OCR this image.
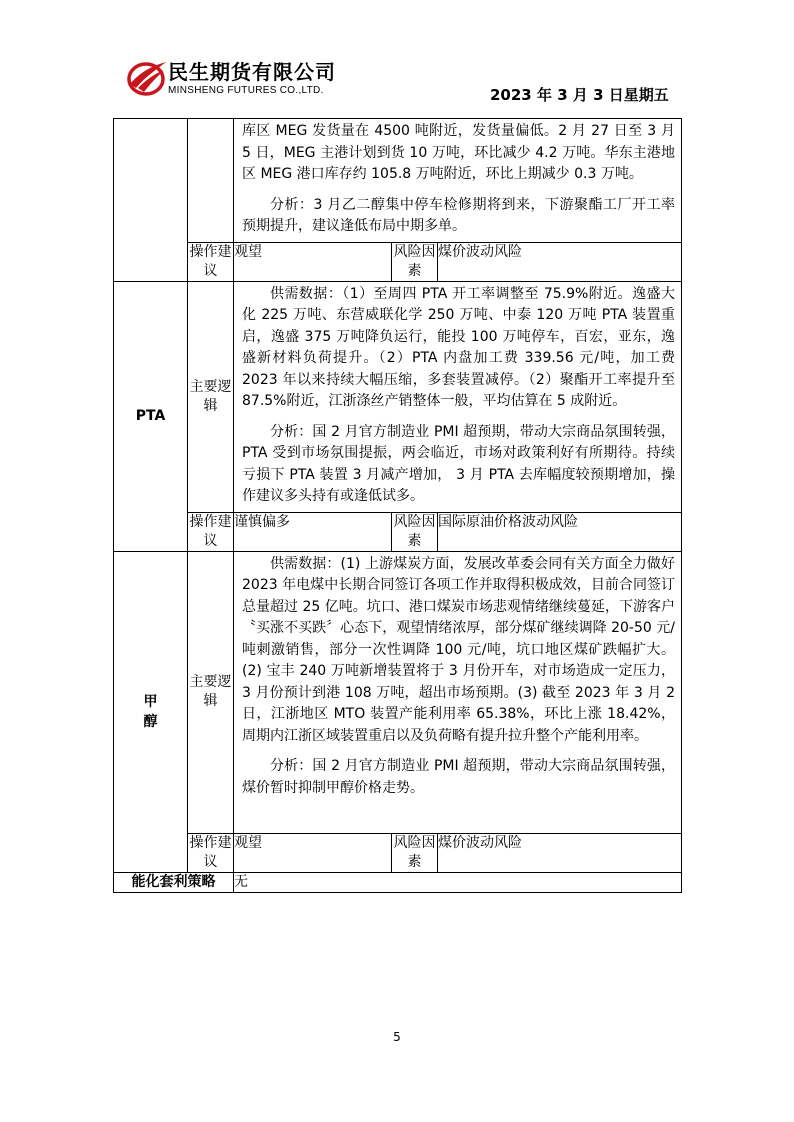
民生期货有限公司
MINSHENG FUTURES CO.,LTD.	2023 年 3 月 3 日星期五

		库区 MEG 发货量在 4500 吨附近，发货量偏低。2 月 27 日至 3 月 5 日，MEG 主港计划到货 10 万吨，环比减少 4.2 万吨。华东主港地区 MEG 港口库存约 105.8 万吨附近，环比上期减少 0.3 万吨。

分析：3 月乙二醇集中停车检修期将到来，下游聚酯工厂开工率预期提升，建议逢低布局中期多单。		

	操作建议	观望	风险因素	煤价波动风险
PTA	主要逻辑	供需数据：（1）至周四 PTA 开工率调整至 75.9%附近。逸盛大化 225 万吨、东营威联化学 250 万吨、中泰 120 万吨 PTA 装置重启，逸盛 375 万吨降负运行，能投 100 万吨停车，百宏，亚东，逸盛新材料负荷提升。（2）PTA 内盘加工费 339.56 元/吨，加工费 2023 年以来持续大幅压缩，多套装置减停。（2）聚酯开工率提升至 87.5%附近，江浙涤丝产销整体一般，平均估算在 5 成附近。

分析：国 2 月官方制造业 PMI 超预期，带动大宗商品氛围转强，PTA 受到市场氛围提振，两会临近，市场对政策利好有所期待。持续亏损下 PTA 装置 3 月减产增加， 3 月 PTA 去库幅度较预期增加，操作建议多头持有或逢低试多。		

	操作建议	谨慎偏多	风险因素	国际原油价格波动风险

甲醇	主要逻辑	供需数据：(1) 上游煤炭方面，发展改革委会同有关方面全力做好 2023 年电煤中长期合同签订各项工作并取得积极成效，目前合同签订总量超过 25 亿吨。坑口、港口煤炭市场悲观情绪继续蔓延，下游客户〝买涨不买跌〞心态下，观望情绪浓厚，部分煤矿继续调降 20-50 元/吨刺激销售，部分一次性调降 100 元/吨，坑口地区煤矿跌幅扩大。(2) 宝丰 240 万吨新增装置将于 3 月份开车，对市场造成一定压力，3 月份预计到港 108 万吨，超出市场预期。(3) 截至 2023 年 3 月 2 日，江浙地区 MTO 装置产能利用率 65.38%，环比上涨 18.42%，周期内江浙区域装置重启以及负荷略有提升拉升整个产能利用率。

分析：国 2 月官方制造业 PMI 超预期，带动大宗商品氛围转强，煤价暂时抑制甲醇价格走势。		

	操作建议	观望	风险因素	煤价波动风险
能化套利策略		无		
5
